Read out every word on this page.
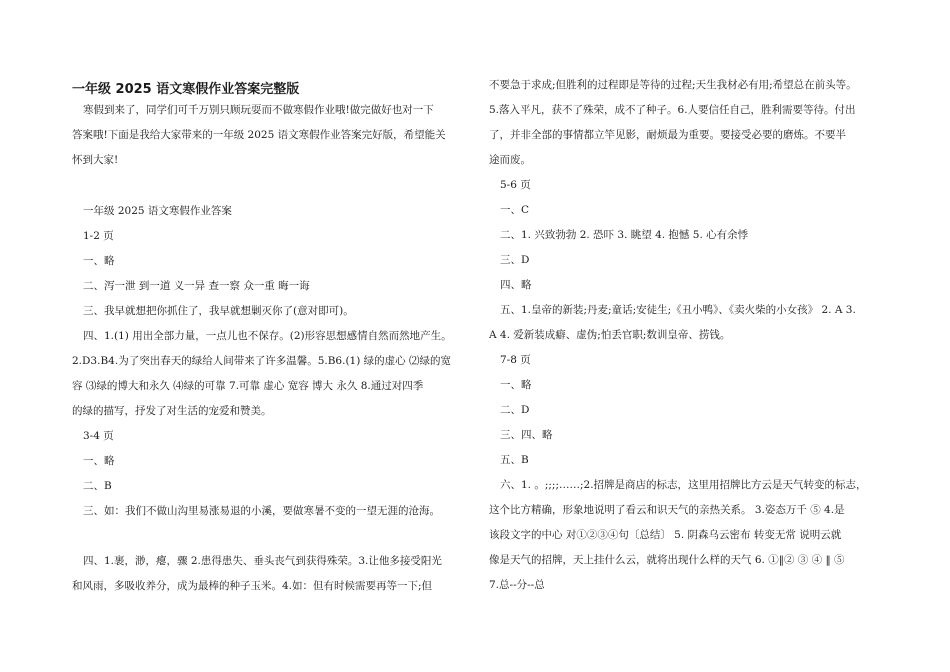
一年级 2025 语文寒假作业答案完整版
寒假到来了，同学们可千万别只顾玩耍而不做寒假作业哦!做完做好也对一下
答案哦!下面是我给大家带来的一年级 2025 语文寒假作业答案完好版，希望能关
怀到大家!
一年级 2025 语文寒假作业答案
1-2 页
一、略
二、泻一泄 到一道 义一异 查一察 众一重 晦一诲
三、我早就想把你抓住了，我早就想剿灭你了(意对即可)。
四、1.(1) 用出全部力量，一点儿也不保存。(2)形容思想感情自然而然地产生。
2.D3.B4.为了突出春天的绿给人间带来了许多温馨。5.B6.(1) 绿的虚心 ⑵绿的宽
容 ⑶绿的博大和永久 ⑷绿的可靠 7.可靠 虚心 宽容 博大 永久 8.通过对四季
的绿的描写，抒发了对生活的宠爱和赞美。
3-4 页
一、略
二、B
三、如：我们不做山沟里易涨易退的小溪，要做寒暑不变的一望无涯的沧海。
四、1.裹，渺，瘪，骤 2.患得患失、垂头丧气到获得殊荣。3.让他多接受阳光
和风雨，多吸收养分，成为最棒的种子玉米。4.如：但有时候需要再等一下;但
不要急于求成;但胜利的过程即是等待的过程;天生我材必有用;希望总在前头等。
5.落入平凡，获不了殊荣，成不了种子。6.人要信任自己，胜利需要等待。付出
了，并非全部的事情都立竿见影，耐烦最为重要。要接受必要的磨炼。不要半
途而废。
5-6 页
一、C
二、1. 兴致勃勃 2. 恐吓 3. 眺望 4. 抱憾 5. 心有余悸
三、D
四、略
五、1.皇帝的新装;丹麦;童话;安徒生;《丑小鸭》、《卖火柴的小女孩》 2. A 3.
A 4. 爱新装成癖、虚伪;怕丢官职;数训皇帝、捞钱。
7-8 页
一、略
二、D
三、四、略
五、B
六、1. 。;;;;……;2.招牌是商店的标志，这里用招牌比方云是天气转变的标志，
这个比方精确，形象地说明了看云和识天气的亲热关系。 3.姿态万千 ⑤ 4.是
该段文字的中心 对①②③④句〔总结〕 5. 阴森乌云密布 转变无常 说明云就
像是天气的招牌，天上挂什么云，就将出现什么样的天气 6. ①‖② ③ ④ ‖ ⑤
7.总--分--总
